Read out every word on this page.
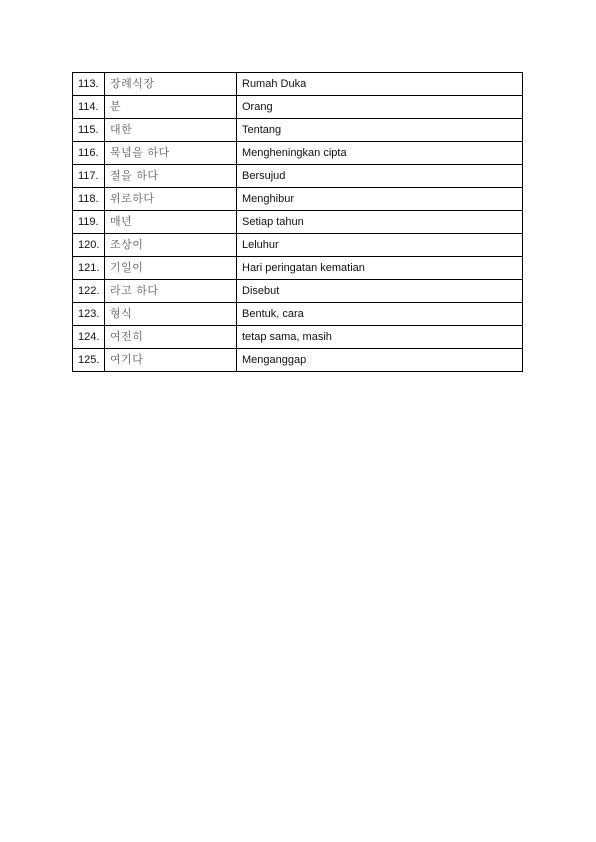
113.	장례식장	Rumah Duka
114.	분	Orang
115.	대한	Tentang
116.	묵념을 하다	Mengheningkan cipta
117.	절을 하다	Bersujud
118.	위로하다	Menghibur
119.	매년	Setiap tahun
120.	조상이	Leluhur
121.	기일이	Hari peringatan kematian
122.	라고 하다	Disebut
123.	형식	Bentuk, cara
124.	여전히	tetap sama, masih
125.	여기다	Menganggap
